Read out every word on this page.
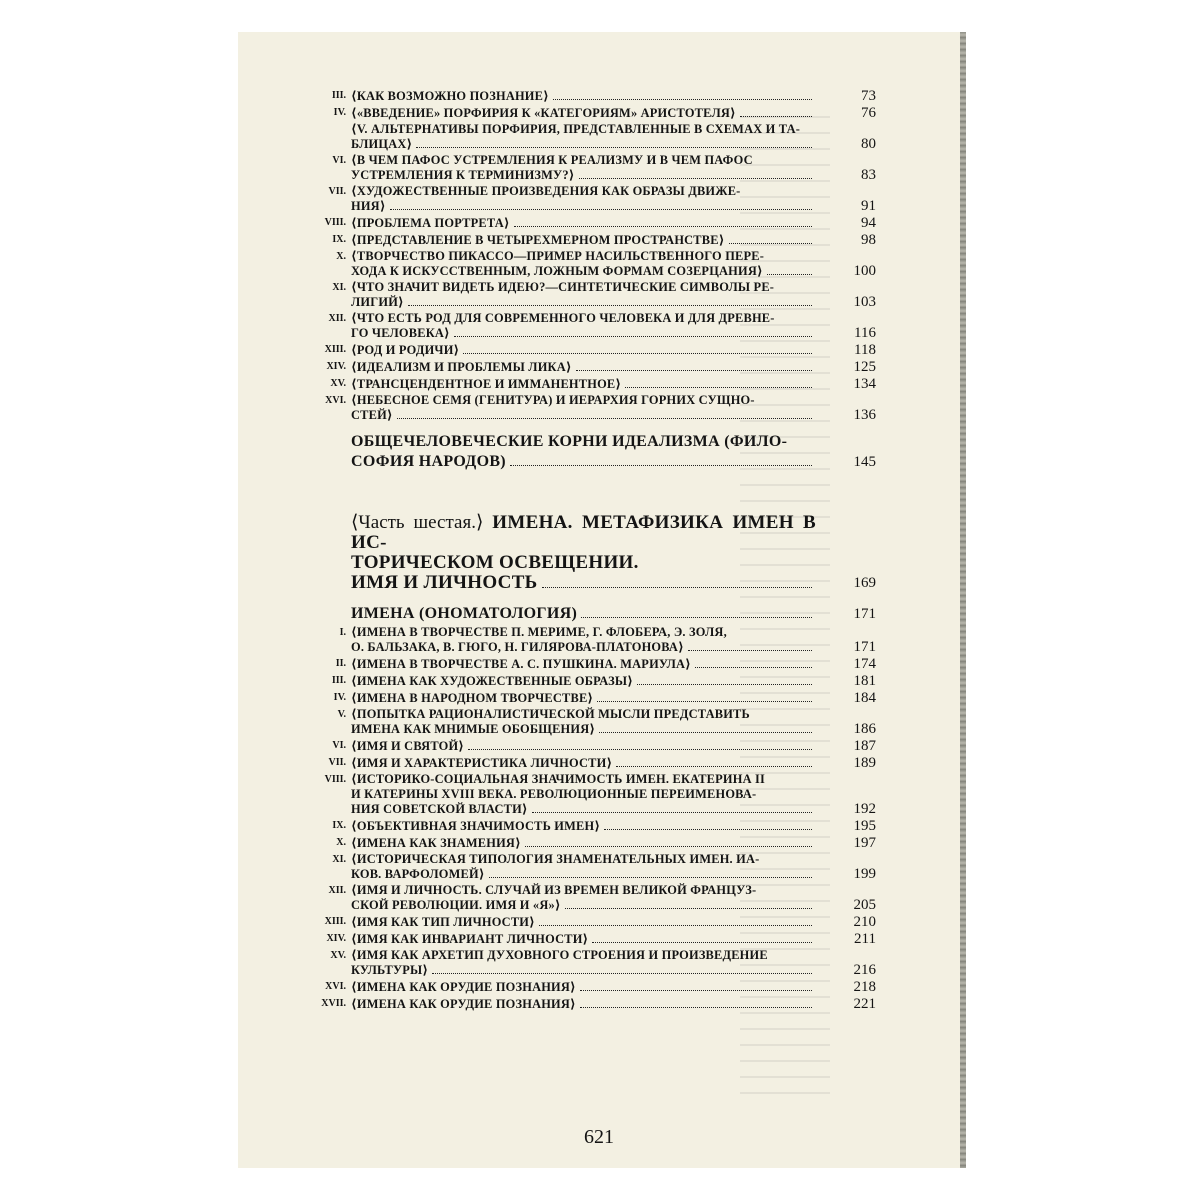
III. ⟨КАК ВОЗМОЖНО ПОЗНАНИЕ⟩	73
IV. ⟨«ВВЕДЕНИЕ» ПОРФИРИЯ К «КАТЕГОРИЯМ» АРИСТОТЕЛЯ⟩	76
⟨V. АЛЬТЕРНАТИВЫ ПОРФИРИЯ, ПРЕДСТАВЛЕННЫЕ В СХЕМАХ И ТА-
БЛИЦАХ⟩	80
VI. ⟨В ЧЕМ ПАФОС УСТРЕМЛЕНИЯ К РЕАЛИЗМУ И В ЧЕМ ПАФОС
УСТРЕМЛЕНИЯ К ТЕРМИНИЗМУ?⟩	83
VII. ⟨ХУДОЖЕСТВЕННЫЕ ПРОИЗВЕДЕНИЯ КАК ОБРАЗЫ ДВИЖЕ-
НИЯ⟩	91
VIII. ⟨ПРОБЛЕМА ПОРТРЕТА⟩	94
IX. ⟨ПРЕДСТАВЛЕНИЕ В ЧЕТЫРЕХМЕРНОМ ПРОСТРАНСТВЕ⟩	98
X. ⟨ТВОРЧЕСТВО ПИКАССО—ПРИМЕР НАСИЛЬСТВЕННОГО ПЕРЕ-
ХОДА К ИСКУССТВЕННЫМ, ЛОЖНЫМ ФОРМАМ СОЗЕРЦАНИЯ⟩	100
XI. ⟨ЧТО ЗНАЧИТ ВИДЕТЬ ИДЕЮ?—СИНТЕТИЧЕСКИЕ СИМВОЛЫ РЕ-
ЛИГИЙ⟩	103
XII. ⟨ЧТО ЕСТЬ РОД ДЛЯ СОВРЕМЕННОГО ЧЕЛОВЕКА И ДЛЯ ДРЕВНЕ-
ГО ЧЕЛОВЕКА⟩	116
XIII. ⟨РОД И РОДИЧИ⟩	118
XIV. ⟨ИДЕАЛИЗМ И ПРОБЛЕМЫ ЛИКА⟩	125
XV. ⟨ТРАНСЦЕНДЕНТНОЕ И ИММАНЕНТНОЕ⟩	134
XVI. ⟨НЕБЕСНОЕ СЕМЯ (ГЕНИТУРА) И ИЕРАРХИЯ ГОРНИХ СУЩНО-
СТЕЙ⟩	136
ОБЩЕЧЕЛОВЕЧЕСКИЕ КОРНИ ИДЕАЛИЗМА (ФИЛО-
СОФИЯ НАРОДОВ)	145
⟨Часть шестая.⟩ ИМЕНА. МЕТАФИЗИКА ИМЕН В ИС-
ТОРИЧЕСКОМ ОСВЕЩЕНИИ.
ИМЯ И ЛИЧНОСТЬ	169
ИМЕНА (ОНОМАТОЛОГИЯ)	171
I. ⟨ИМЕНА В ТВОРЧЕСТВЕ П. МЕРИМЕ, Г. ФЛОБЕРА, Э. ЗОЛЯ,
О. БАЛЬЗАКА, В. ГЮГО, Н. ГИЛЯРОВА-ПЛАТОНОВА⟩	171
II. ⟨ИМЕНА В ТВОРЧЕСТВЕ А. С. ПУШКИНА. МАРИУЛА⟩	174
III. ⟨ИМЕНА КАК ХУДОЖЕСТВЕННЫЕ ОБРАЗЫ⟩	181
IV. ⟨ИМЕНА В НАРОДНОМ ТВОРЧЕСТВЕ⟩	184
V. ⟨ПОПЫТКА РАЦИОНАЛИСТИЧЕСКОЙ МЫСЛИ ПРЕДСТАВИТЬ
ИМЕНА КАК МНИМЫЕ ОБОБЩЕНИЯ⟩	186
VI. ⟨ИМЯ И СВЯТОЙ⟩	187
VII. ⟨ИМЯ И ХАРАКТЕРИСТИКА ЛИЧНОСТИ⟩	189
VIII. ⟨ИСТОРИКО-СОЦИАЛЬНАЯ ЗНАЧИМОСТЬ ИМЕН. ЕКАТЕРИНА II
И КАТЕРИНЫ XVIII ВЕКА. РЕВОЛЮЦИОННЫЕ ПЕРЕИМЕНОВА-
НИЯ СОВЕТСКОЙ ВЛАСТИ⟩	192
IX. ⟨ОБЪЕКТИВНАЯ ЗНАЧИМОСТЬ ИМЕН⟩	195
X. ⟨ИМЕНА КАК ЗНАМЕНИЯ⟩	197
XI. ⟨ИСТОРИЧЕСКАЯ ТИПОЛОГИЯ ЗНАМЕНАТЕЛЬНЫХ ИМЕН. ИА-
КОВ. ВАРФОЛОМЕЙ⟩	199
XII. ⟨ИМЯ И ЛИЧНОСТЬ. СЛУЧАЙ ИЗ ВРЕМЕН ВЕЛИКОЙ ФРАНЦУЗ-
СКОЙ РЕВОЛЮЦИИ. ИМЯ И «Я»⟩	205
XIII. ⟨ИМЯ КАК ТИП ЛИЧНОСТИ⟩	210
XIV. ⟨ИМЯ КАК ИНВАРИАНТ ЛИЧНОСТИ⟩	211
XV. ⟨ИМЯ КАК АРХЕТИП ДУХОВНОГО СТРОЕНИЯ И ПРОИЗВЕДЕНИЕ
КУЛЬТУРЫ⟩	216
XVI. ⟨ИМЕНА КАК ОРУДИЕ ПОЗНАНИЯ⟩	218
XVII. ⟨ИМЕНА КАК ОРУДИЕ ПОЗНАНИЯ⟩	221
621
